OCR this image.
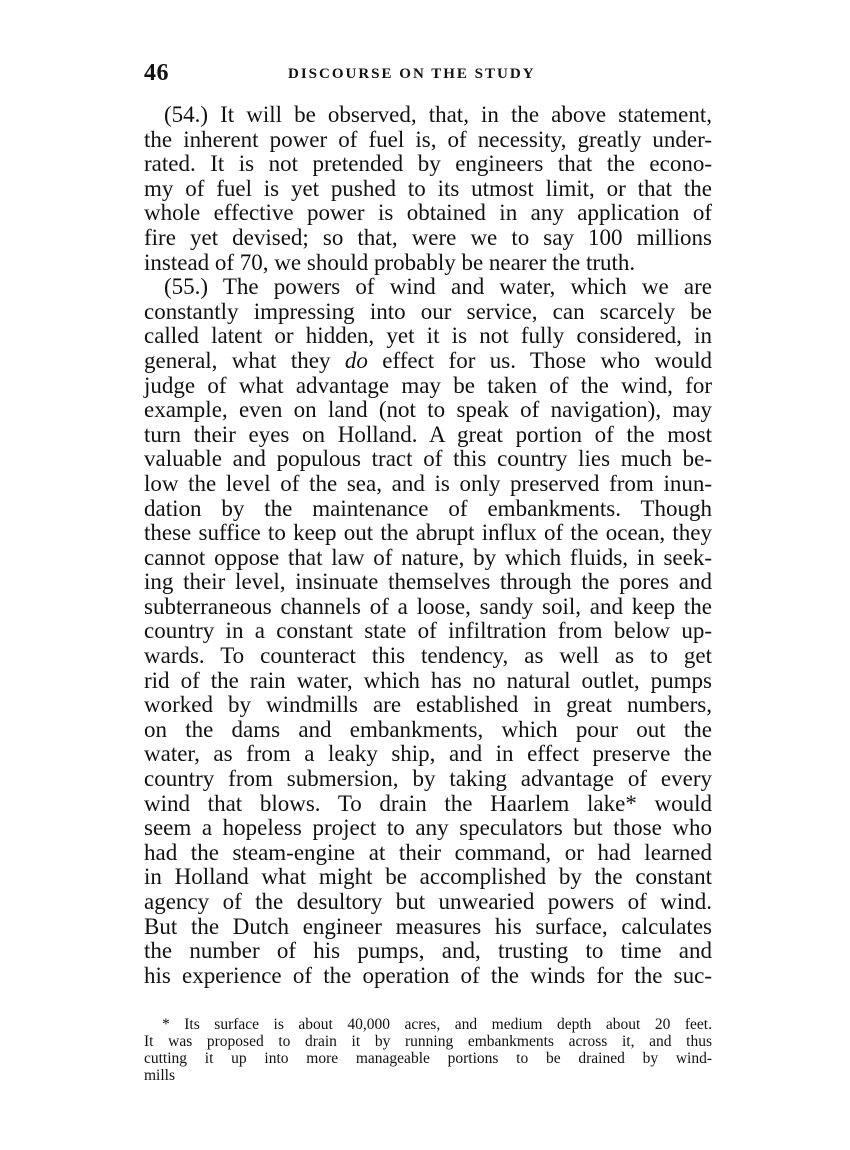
46	DISCOURSE ON THE STUDY
(54.) It will be observed, that, in the above statement,
the inherent power of fuel is, of necessity, greatly under-
rated. It is not pretended by engineers that the econo-
my of fuel is yet pushed to its utmost limit, or that the
whole effective power is obtained in any application of
fire yet devised; so that, were we to say 100 millions
instead of 70, we should probably be nearer the truth.
(55.) The powers of wind and water, which we are
constantly impressing into our service, can scarcely be
called latent or hidden, yet it is not fully considered, in
general, what they do effect for us. Those who would
judge of what advantage may be taken of the wind, for
example, even on land (not to speak of navigation), may
turn their eyes on Holland. A great portion of the most
valuable and populous tract of this country lies much be-
low the level of the sea, and is only preserved from inun-
dation by the maintenance of embankments. Though
these suffice to keep out the abrupt influx of the ocean, they
cannot oppose that law of nature, by which fluids, in seek-
ing their level, insinuate themselves through the pores and
subterraneous channels of a loose, sandy soil, and keep the
country in a constant state of infiltration from below up-
wards. To counteract this tendency, as well as to get
rid of the rain water, which has no natural outlet, pumps
worked by windmills are established in great numbers,
on the dams and embankments, which pour out the
water, as from a leaky ship, and in effect preserve the
country from submersion, by taking advantage of every
wind that blows. To drain the Haarlem lake* would
seem a hopeless project to any speculators but those who
had the steam-engine at their command, or had learned
in Holland what might be accomplished by the constant
agency of the desultory but unwearied powers of wind.
But the Dutch engineer measures his surface, calculates
the number of his pumps, and, trusting to time and
his experience of the operation of the winds for the suc-
* Its surface is about 40,000 acres, and medium depth about 20 feet.
It was proposed to drain it by running embankments across it, and thus
cutting it up into more manageable portions to be drained by wind-
mills
